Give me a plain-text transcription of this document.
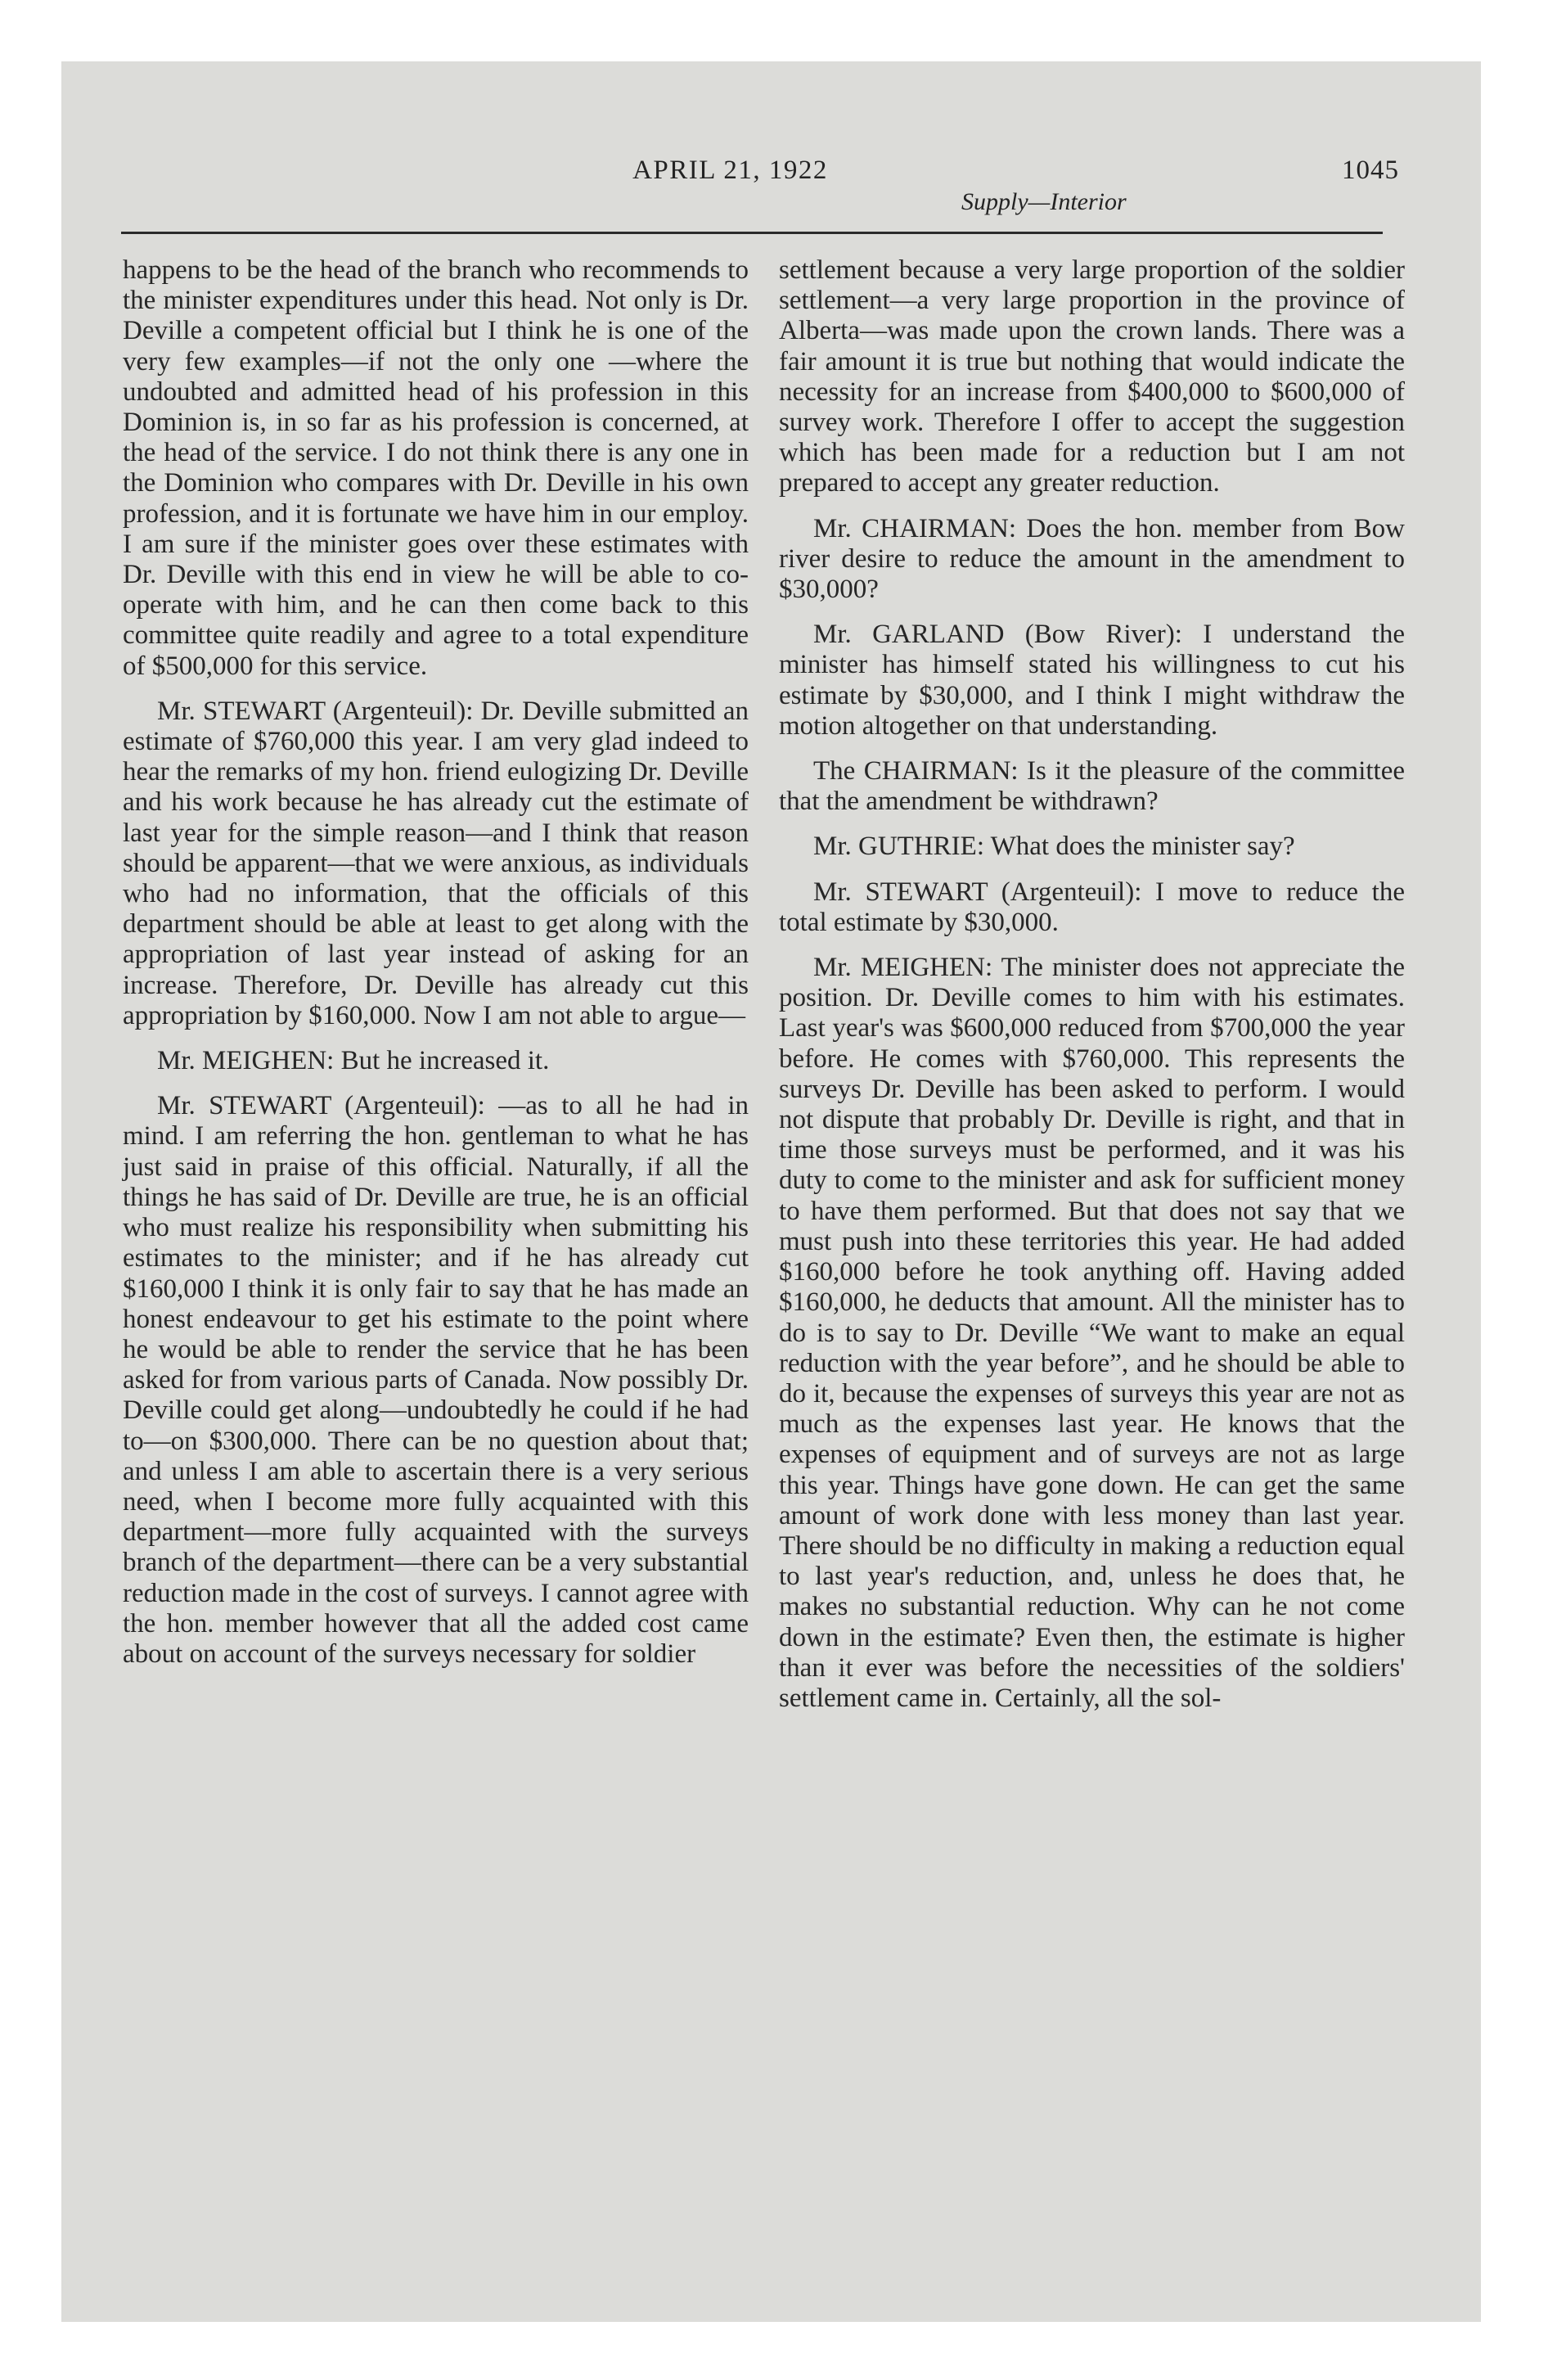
APRIL 21, 1922	1045
Supply—Interior

happens to be the head of the branch who recommends to the minister expenditures under this head. Not only is Dr. Deville a competent official but I think he is one of the very few examples—if not the only one —where the undoubted and admitted head of his profession in this Dominion is, in so far as his profession is concerned, at the head of the service. I do not think there is any one in the Dominion who compares with Dr. Deville in his own profession, and it is fortunate we have him in our employ. I am sure if the minister goes over these estimates with Dr. Deville with this end in view he will be able to co-operate with him, and he can then come back to this committee quite readily and agree to a total expenditure of $500,000 for this service.

Mr. STEWART (Argenteuil): Dr. Deville submitted an estimate of $760,000 this year. I am very glad indeed to hear the remarks of my hon. friend eulogizing Dr. Deville and his work because he has already cut the estimate of last year for the simple reason—and I think that reason should be apparent—that we were anxious, as individuals who had no information, that the officials of this department should be able at least to get along with the appropriation of last year instead of asking for an increase. Therefore, Dr. Deville has already cut this appropriation by $160,000. Now I am not able to argue—

Mr. MEIGHEN: But he increased it.

Mr. STEWART (Argenteuil): —as to all he had in mind. I am referring the hon. gentleman to what he has just said in praise of this official. Naturally, if all the things he has said of Dr. Deville are true, he is an official who must realize his responsibility when submitting his estimates to the minister; and if he has already cut $160,000 I think it is only fair to say that he has made an honest endeavour to get his estimate to the point where he would be able to render the service that he has been asked for from various parts of Canada. Now possibly Dr. Deville could get along—undoubtedly he could if he had to—on $300,000. There can be no question about that; and unless I am able to ascertain there is a very serious need, when I become more fully acquainted with this department—more fully acquainted with the surveys branch of the department—there can be a very substantial reduction made in the cost of surveys. I cannot agree with the hon. member however that all the added cost came about on account of the surveys necessary for soldier

settlement because a very large proportion of the soldier settlement—a very large proportion in the province of Alberta—was made upon the crown lands. There was a fair amount it is true but nothing that would indicate the necessity for an increase from $400,000 to $600,000 of survey work. Therefore I offer to accept the suggestion which has been made for a reduction but I am not prepared to accept any greater reduction.

Mr. CHAIRMAN: Does the hon. member from Bow river desire to reduce the amount in the amendment to $30,000?

Mr. GARLAND (Bow River): I understand the minister has himself stated his willingness to cut his estimate by $30,000, and I think I might withdraw the motion altogether on that understanding.

The CHAIRMAN: Is it the pleasure of the committee that the amendment be withdrawn?

Mr. GUTHRIE: What does the minister say?

Mr. STEWART (Argenteuil): I move to reduce the total estimate by $30,000.

Mr. MEIGHEN: The minister does not appreciate the position. Dr. Deville comes to him with his estimates. Last year's was $600,000 reduced from $700,000 the year before. He comes with $760,000. This represents the surveys Dr. Deville has been asked to perform. I would not dispute that probably Dr. Deville is right, and that in time those surveys must be performed, and it was his duty to come to the minister and ask for sufficient money to have them performed. But that does not say that we must push into these territories this year. He had added $160,000 before he took anything off. Having added $160,000, he deducts that amount. All the minister has to do is to say to Dr. Deville “We want to make an equal reduction with the year before”, and he should be able to do it, because the expenses of surveys this year are not as much as the expenses last year. He knows that the expenses of equipment and of surveys are not as large this year. Things have gone down. He can get the same amount of work done with less money than last year. There should be no difficulty in making a reduction equal to last year's reduction, and, unless he does that, he makes no substantial reduction. Why can he not come down in the estimate? Even then, the estimate is higher than it ever was before the necessities of the soldiers' settlement came in. Certainly, all the sol-
